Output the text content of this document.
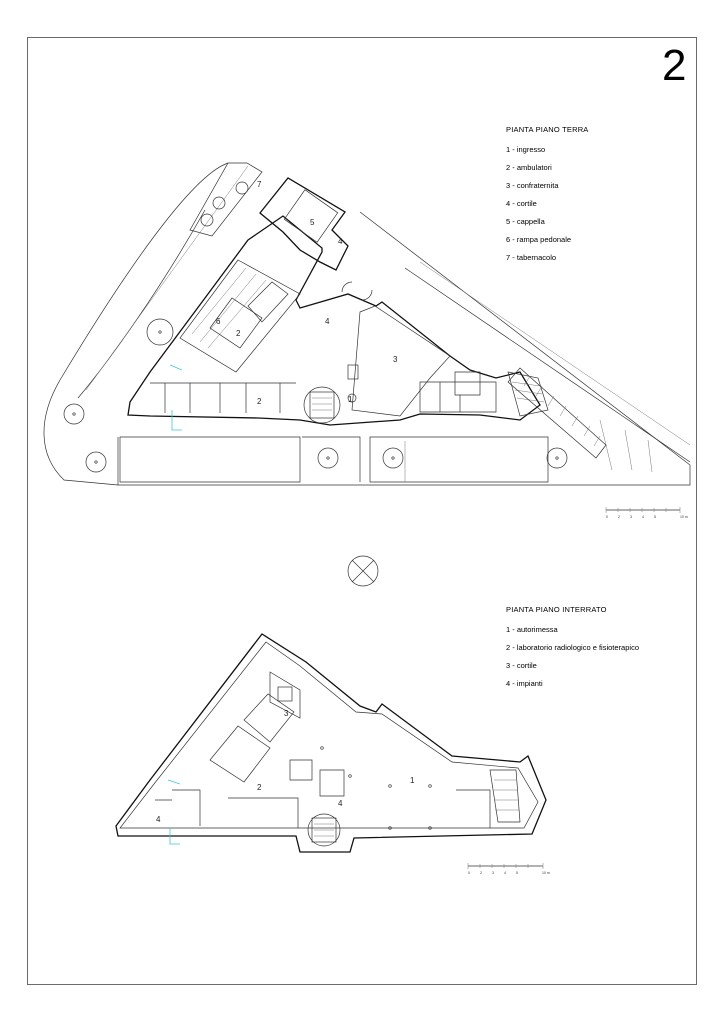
2
PIANTA PIANO TERRA
1 - ingresso
2 - ambulatori
3 - confraternita
4 - cortile
5 - cappella
6 - rampa pedonale
7 - tabernacolo
PIANTA PIANO INTERRATO
1 - autorimessa
2 - laboratorio radiologico e fisioterapico
3 - cortile
4 - impianti
1
2
2
3
4
4
5
6
7
1
2
3
4
4
0	2	3	4	5	10 m
0	2	3	4	5	10 m
